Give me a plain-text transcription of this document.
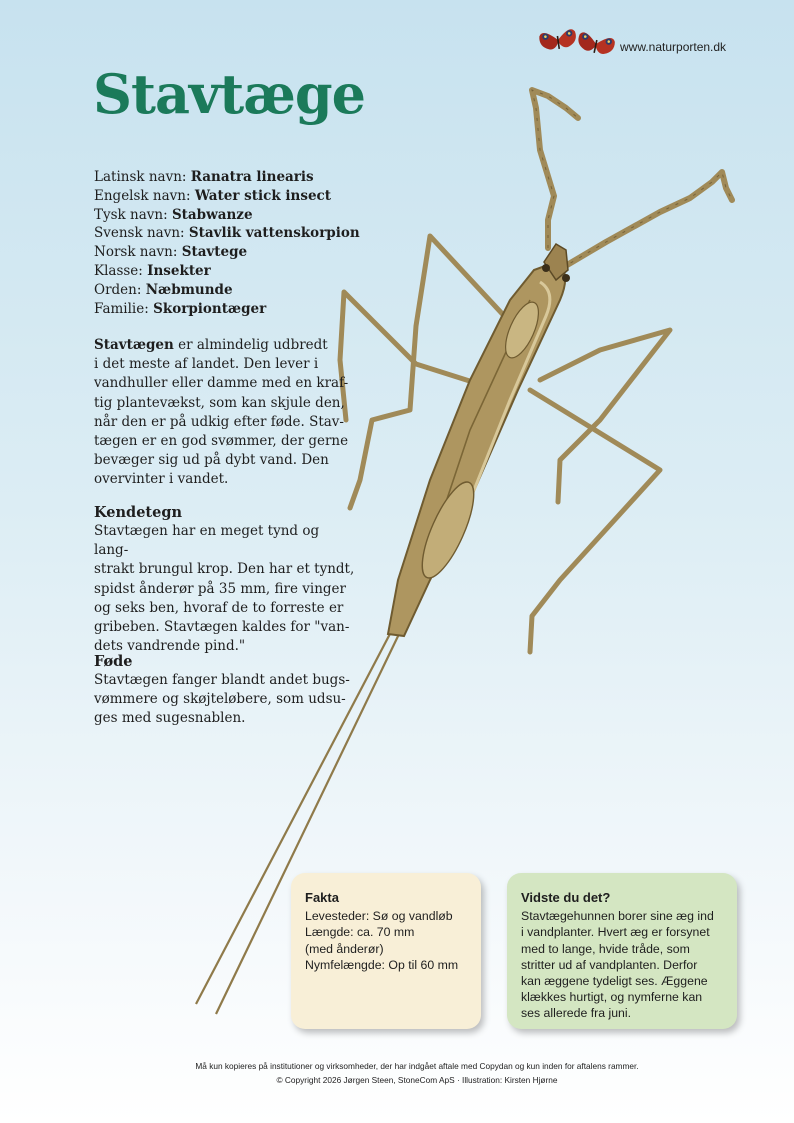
www.naturporten.dk
Stavtæge
Latinsk navn: Ranatra linearis
Engelsk navn: Water stick insect
Tysk navn: Stabwanze
Svensk navn: Stavlik vattenskorpion
Norsk navn: Stavtege
Klasse: Insekter
Orden: Næbmunde
Familie: Skorpiontæger

Stavtægen er almindelig udbredt
i det meste af landet. Den lever i
vandhuller eller damme med en kraf-
tig plantevækst, som kan skjule den,
når den er på udkig efter føde. Stav-
tægen er en god svømmer, der gerne
bevæger sig ud på dybt vand. Den
overvinter i vandet.

Kendetegn

Stavtægen har en meget tynd og lang-
strakt brungul krop. Den har et tyndt,
spidst ånderør på 35 mm, fire vinger
og seks ben, hvoraf de to forreste er
gribeben. Stavtægen kaldes for "van-
dets vandrende pind."

Føde

Stavtægen fanger blandt andet bugs-
vømmere og skøjteløbere, som udsu-
ges med sugesnablen.

Fakta
Levesteder: Sø og vandløb
Længde: ca. 70 mm
(med ånderør)
Nymfelængde: Op til 60 mm
Vidste du det?
Stavtægehunnen borer sine æg ind
i vandplanter. Hvert æg er forsynet
med to lange, hvide tråde, som
stritter ud af vandplanten. Derfor
kan æggene tydeligt ses. Æggene
klækkes hurtigt, og nymferne kan
ses allerede fra juni.
Må kun kopieres på institutioner og virksomheder, der har indgået aftale med Copydan og kun inden for aftalens rammer.
© Copyright 2026 Jørgen Steen, StoneCom ApS · Illustration: Kirsten Hjørne
